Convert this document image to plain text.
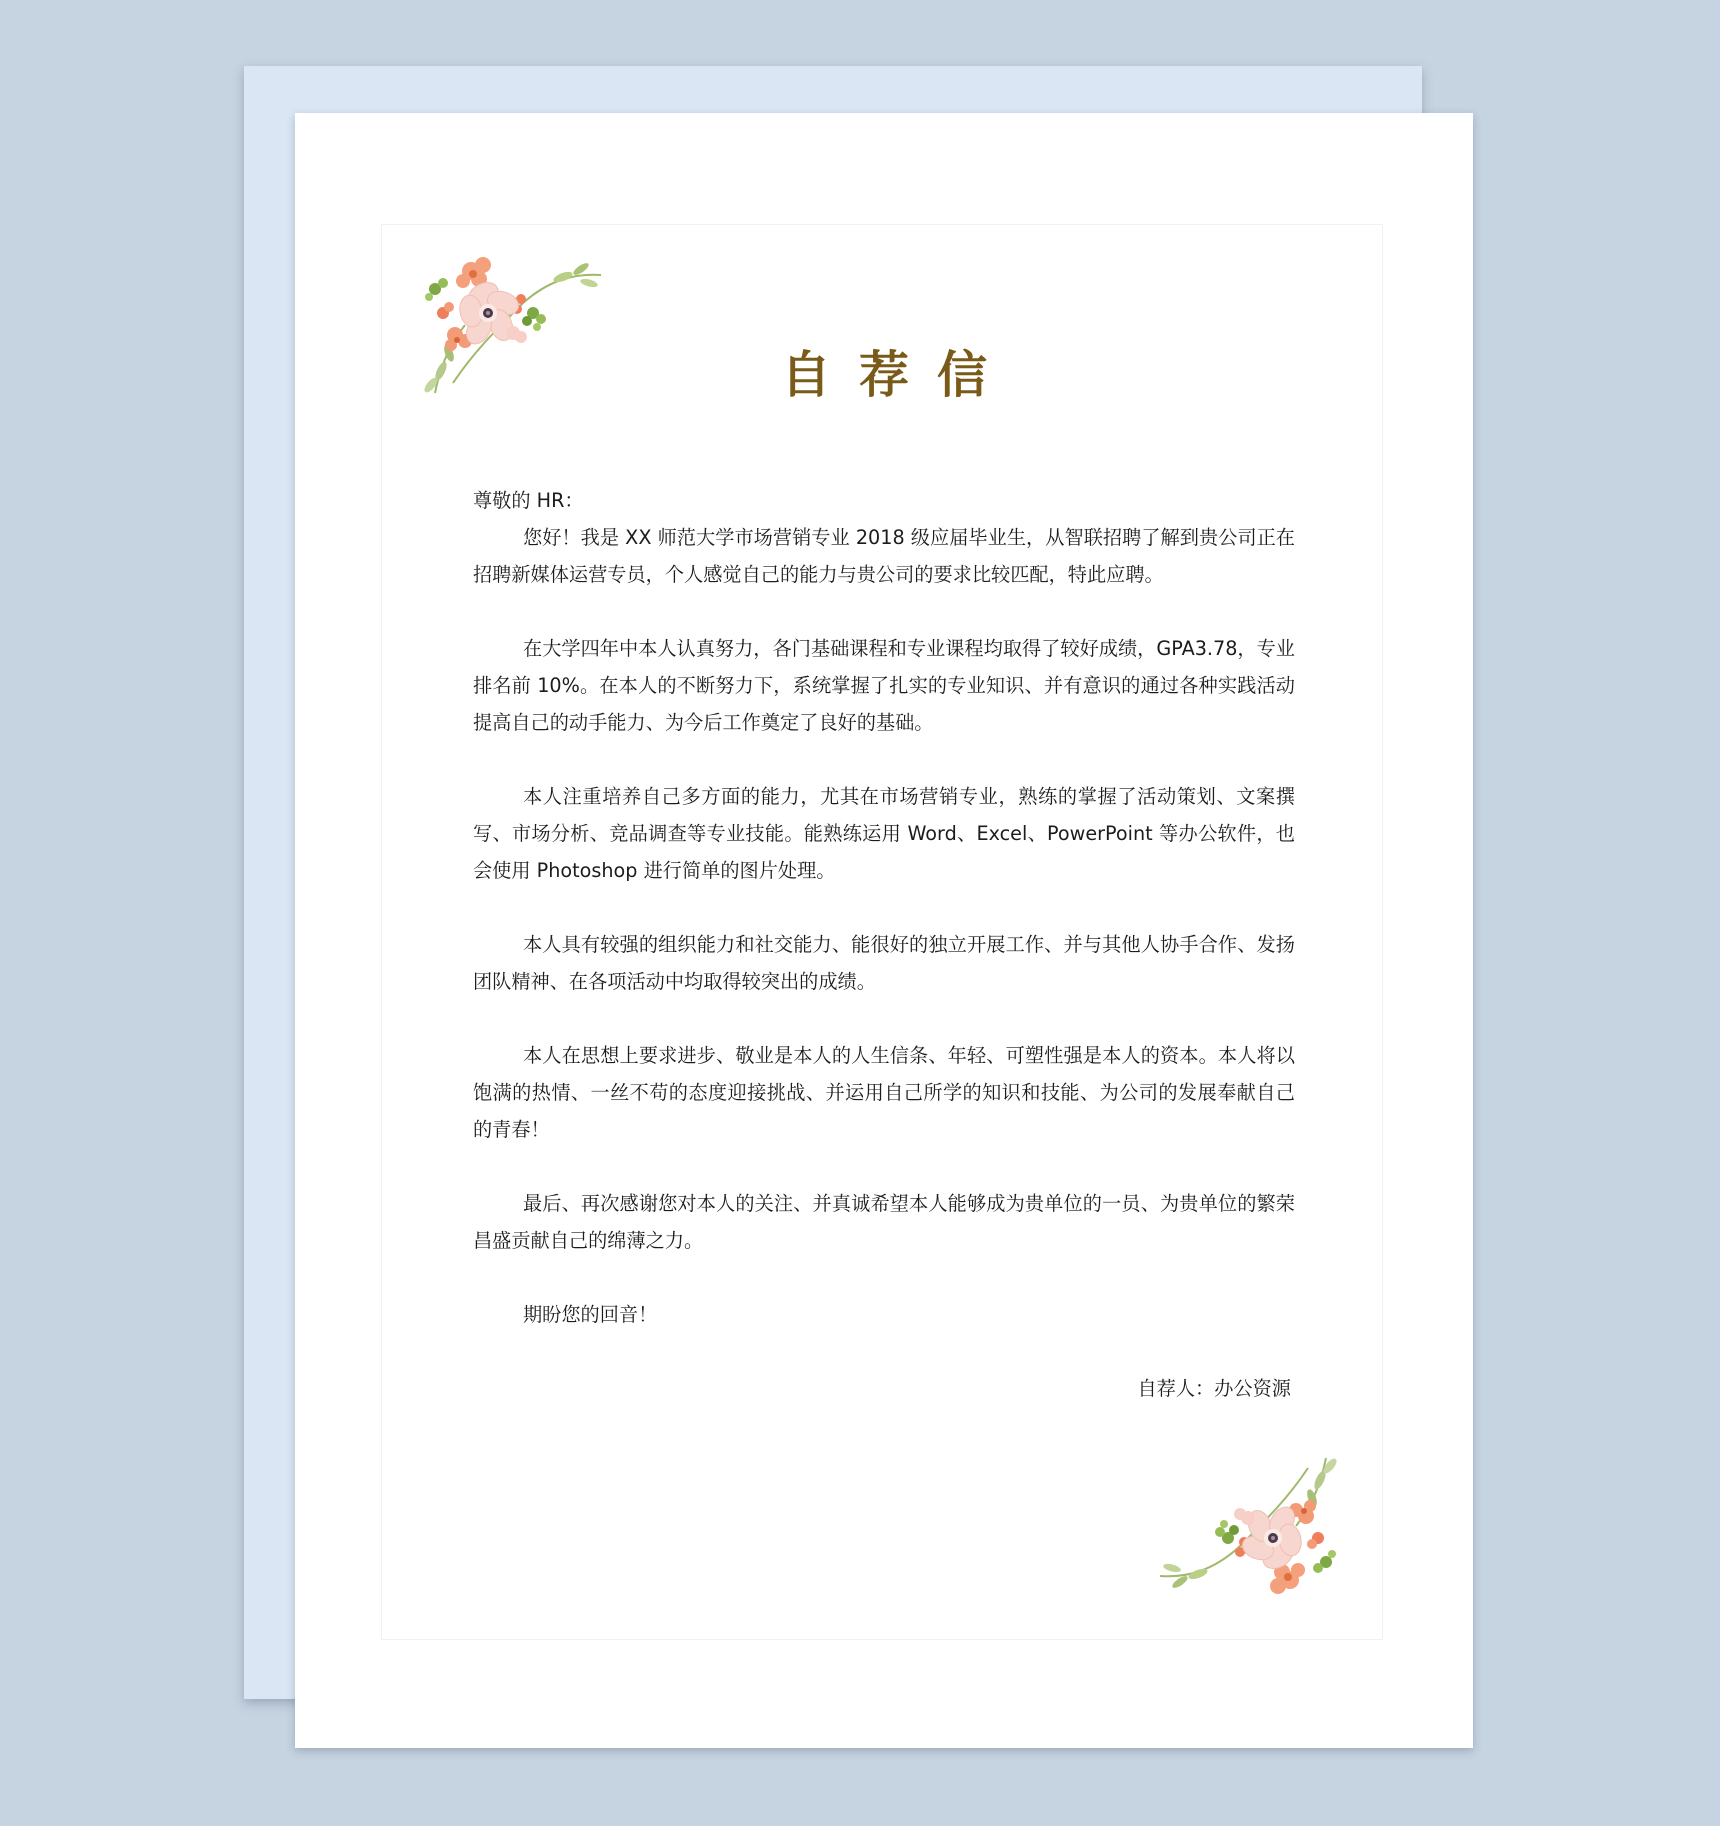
自荐信

尊敬的 HR：

您好！我是 XX 师范大学市场营销专业 2018 级应届毕业生，从智联招聘了解到贵公司正在招聘新媒体运营专员，个人感觉自己的能力与贵公司的要求比较匹配，特此应聘。

在大学四年中本人认真努力，各门基础课程和专业课程均取得了较好成绩，GPA3.78，专业排名前 10%。在本人的不断努力下，系统掌握了扎实的专业知识、并有意识的通过各种实践活动提高自己的动手能力、为今后工作奠定了良好的基础。

本人注重培养自己多方面的能力，尤其在市场营销专业，熟练的掌握了活动策划、文案撰写、市场分析、竞品调查等专业技能。能熟练运用 Word、Excel、PowerPoint 等办公软件，也会使用 Photoshop 进行简单的图片处理。

本人具有较强的组织能力和社交能力、能很好的独立开展工作、并与其他人协手合作、发扬团队精神、在各项活动中均取得较突出的成绩。

本人在思想上要求进步、敬业是本人的人生信条、年轻、可塑性强是本人的资本。本人将以饱满的热情、一丝不苟的态度迎接挑战、并运用自己所学的知识和技能、为公司的发展奉献自己的青春！

最后、再次感谢您对本人的关注、并真诚希望本人能够成为贵单位的一员、为贵单位的繁荣昌盛贡献自己的绵薄之力。

期盼您的回音！

自荐人：办公资源
